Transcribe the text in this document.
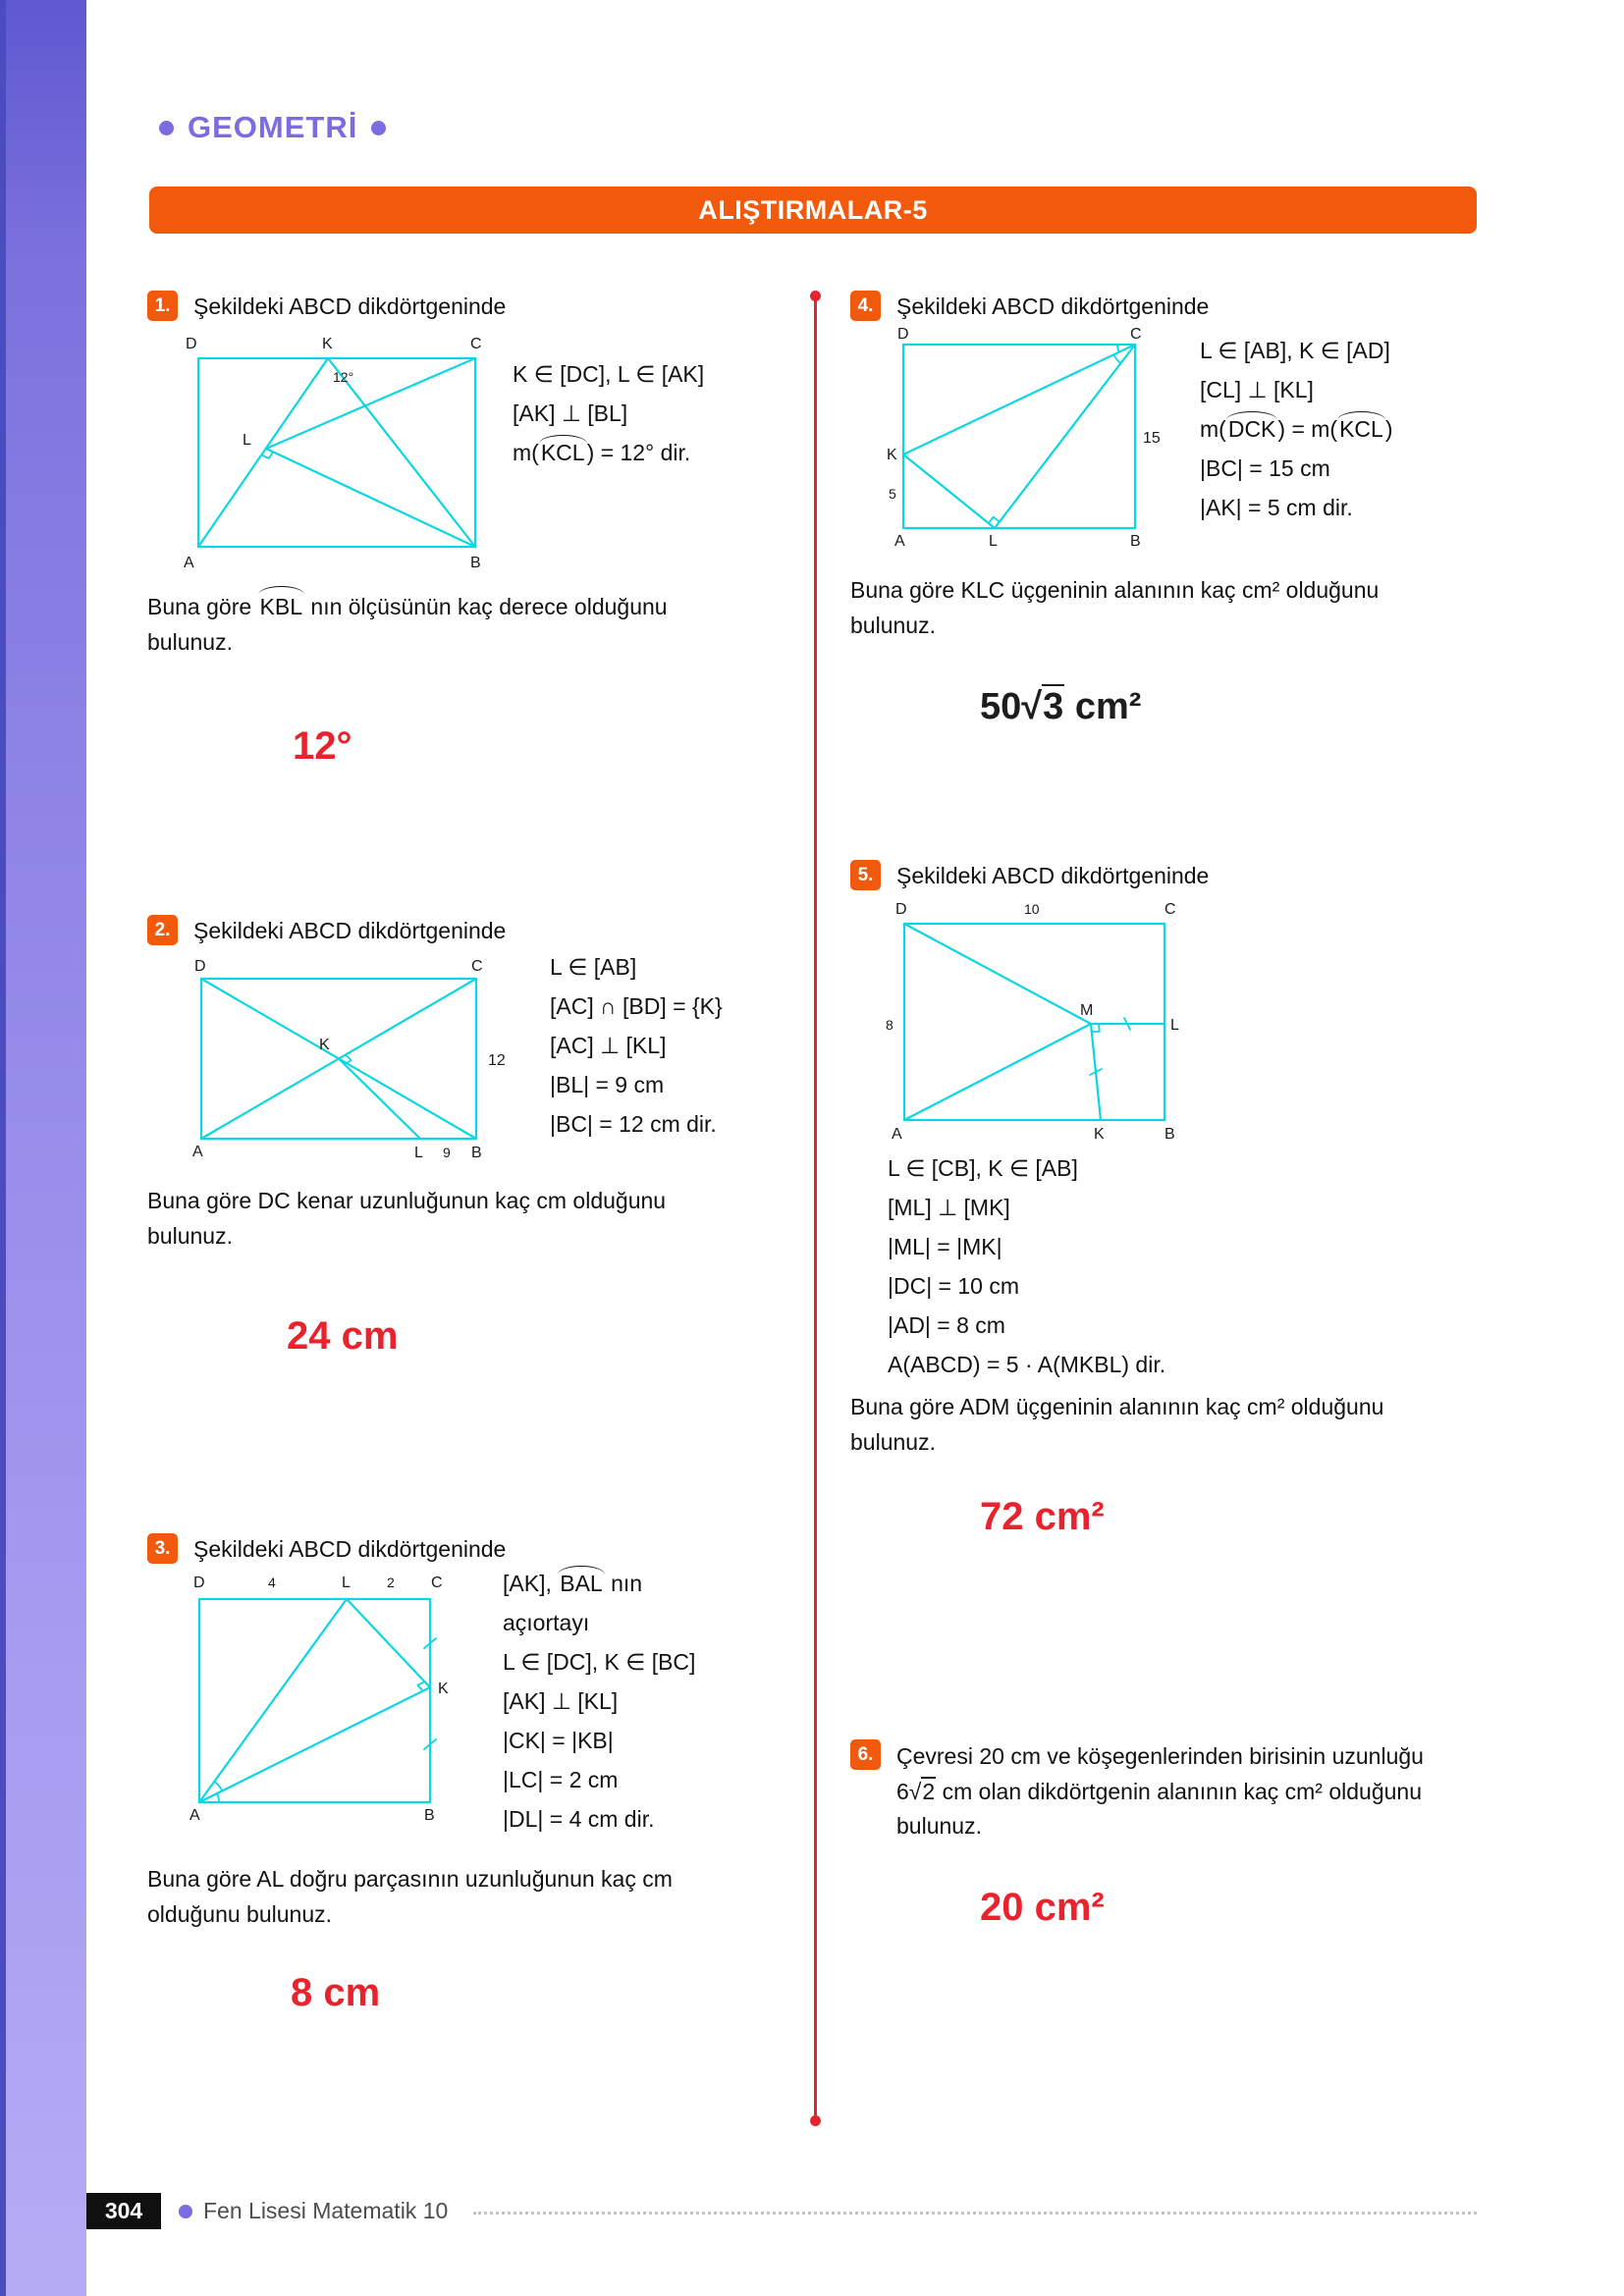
GEOMETRİ
ALIŞTIRMALAR-5
1.	Şekildeki ABCD dikdörtgeninde
D	K	C
A	B
L
12°	K ∈ [DC], L ∈ [AK]
[AK] ⊥ [BL]
m(KCL) = 12° dir.

Buna göre KBL nın ölçüsünün kaç derece olduğunu bulunuz.

12°
2.	Şekildeki ABCD dikdörtgeninde
D	C
K
A	L	B
9
12
L ∈ [AB]
[AC] ∩ [BD] = {K}
[AC] ⊥ [KL]
|BL| = 9 cm
|BC| = 12 cm dir.

Buna göre DC kenar uzunluğunun kaç cm olduğunu bulunuz.

24 cm
3.	Şekildeki ABCD dikdörtgeninde
D	4	L	2 C
K
A	B
[AK], BAL nın
açıortayı
L ∈ [DC], K ∈ [BC]
[AK] ⊥ [KL]
|CK| = |KB|
|LC| = 2 cm
|DL| = 4 cm dir.

Buna göre AL doğru parçasının uzunluğunun kaç cm olduğunu bulunuz.

8 cm
4.	Şekildeki ABCD dikdörtgeninde
D	C
K
5
A	L	B
15
L ∈ [AB], K ∈ [AD]
[CL] ⊥ [KL]
m(DCK) = m(KCL)
|BC| = 15 cm
|AK| = 5 cm dir.

Buna göre KLC üçgeninin alanının kaç cm² olduğunu bulunuz.

50√3 cm²
5.	Şekildeki ABCD dikdörtgeninde
D	10	C
8
M
L
A	K	B
L ∈ [CB], K ∈ [AB]
[ML] ⊥ [MK]
|ML| = |MK|
|DC| = 10 cm
|AD| = 8 cm
A(ABCD) = 5 · A(MKBL) dir.

Buna göre ADM üçgeninin alanının kaç cm² olduğunu bulunuz.

72 cm²
6.	Çevresi 20 cm ve köşegenlerinden birisinin uzunluğu 6√2 cm olan dikdörtgenin alanının kaç cm² olduğunu bulunuz.

20 cm²
304	Fen Lisesi Matematik 10
